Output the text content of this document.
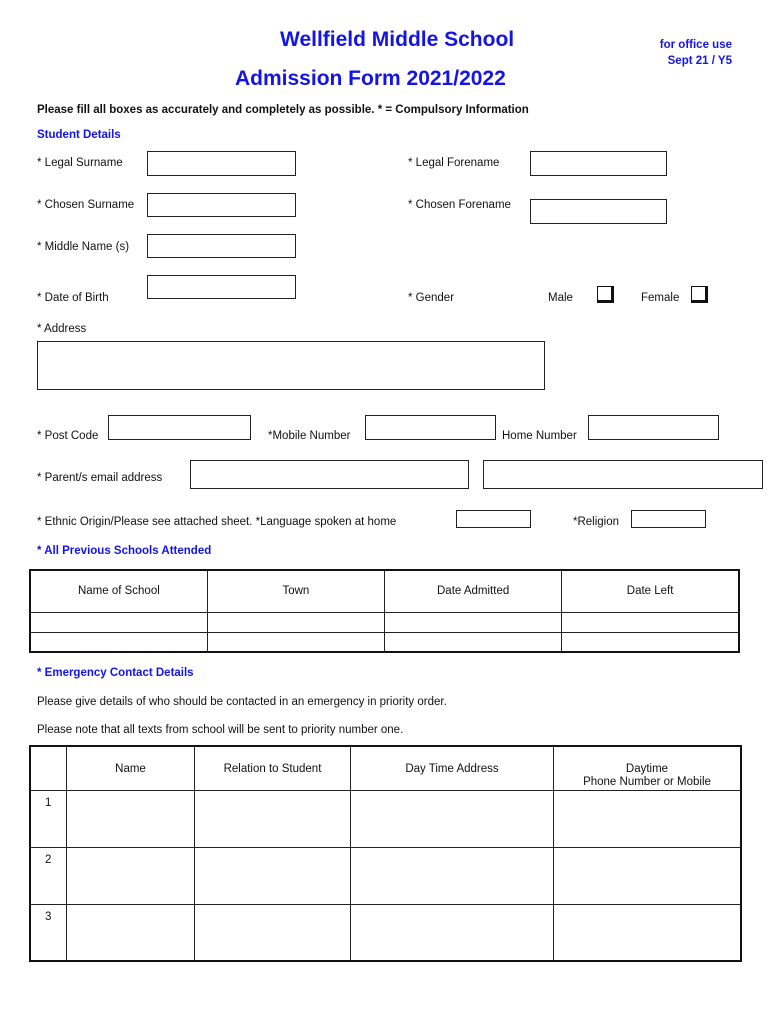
Wellfield Middle School
Admission Form 2021/2022
for office use
Sept 21 / Y5
Please fill all boxes as accurately and completely as possible. * = Compulsory Information
Student Details
* Legal Surname	* Legal Forename
* Chosen Surname	* Chosen Forename
* Middle Name (s)
* Date of Birth	* Gender	Male	Female
* Address
* Post Code	*Mobile Number	Home Number
* Parent/s email address
* Ethnic Origin/Please see attached sheet. *Language spoken at home	*Religion
* All Previous Schools Attended
Name of School	Town	Date Admitted	Date Left

* Emergency Contact Details
Please give details of who should be contacted in an emergency in priority order.
Please note that all texts from school will be sent to priority number one.
	Name	Relation to Student	Day Time Address	Daytime
Phone Number or Mobile

1				
2				
3				
